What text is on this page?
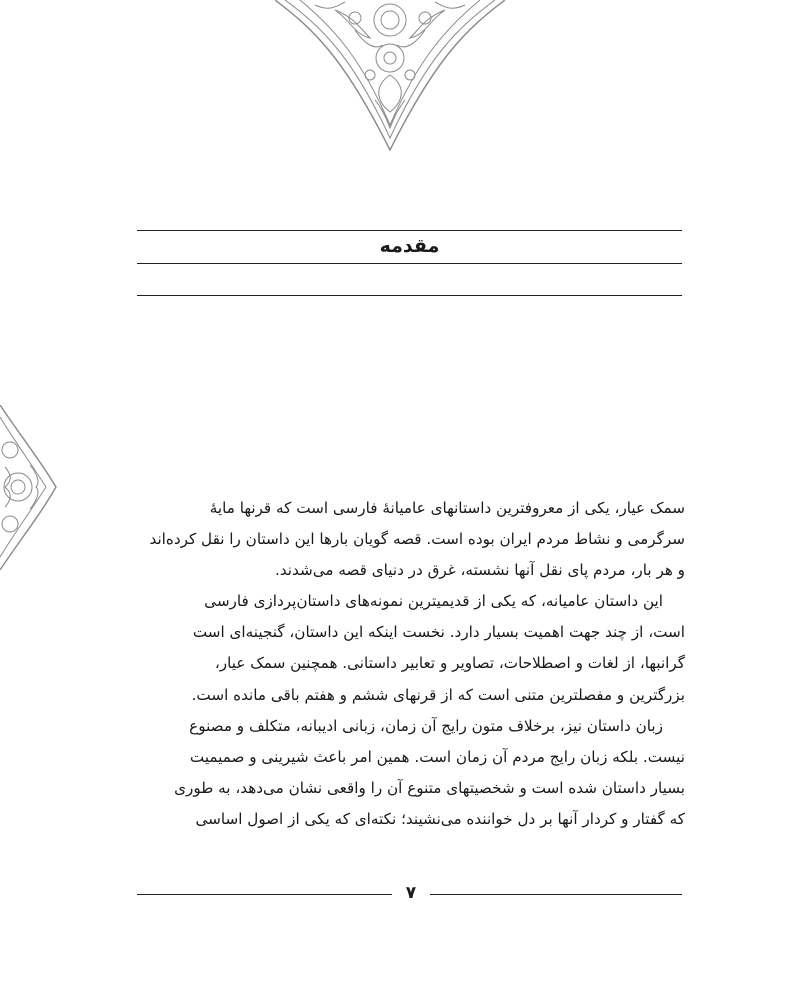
مقدمه

سمک عیار، یکی از معروفترین داستانهای عامیانهٔ فارسی است که قرنها مایهٔ
سرگرمی و نشاط مردم ایران بوده است. قصه گویان بارها این داستان را نقل کرده‌اند
و هر بار، مردم پای نقل آنها نشسته، غرق در دنیای قصه می‌شدند.

این داستان عامیانه، که یکی از قدیمیترین نمونه‌های داستان‌پردازی فارسی
است، از چند جهت اهمیت بسیار دارد. نخست اینکه این داستان، گنجینه‌ای است
گرانبها، از لغات و اصطلاحات، تصاویر و تعابیر داستانی. همچنین سمک عیار،
بزرگترین و مفصلترین متنی است که از قرنهای ششم و هفتم باقی مانده است.

زبان داستان نیز، برخلاف متون رایج آن زمان، زبانی ادیبانه، متکلف و مصنوع
نیست. بلکه زبان رایج مردم آن زمان است. همین امر باعث شیرینی و صمیمیت
بسیار داستان شده است و شخصیتهای متنوع آن را واقعی نشان می‌دهد، به طوری
که گفتار و کردار آنها بر دل خواننده می‌نشیند؛ نکته‌ای که یکی از اصول اساسی

۷
